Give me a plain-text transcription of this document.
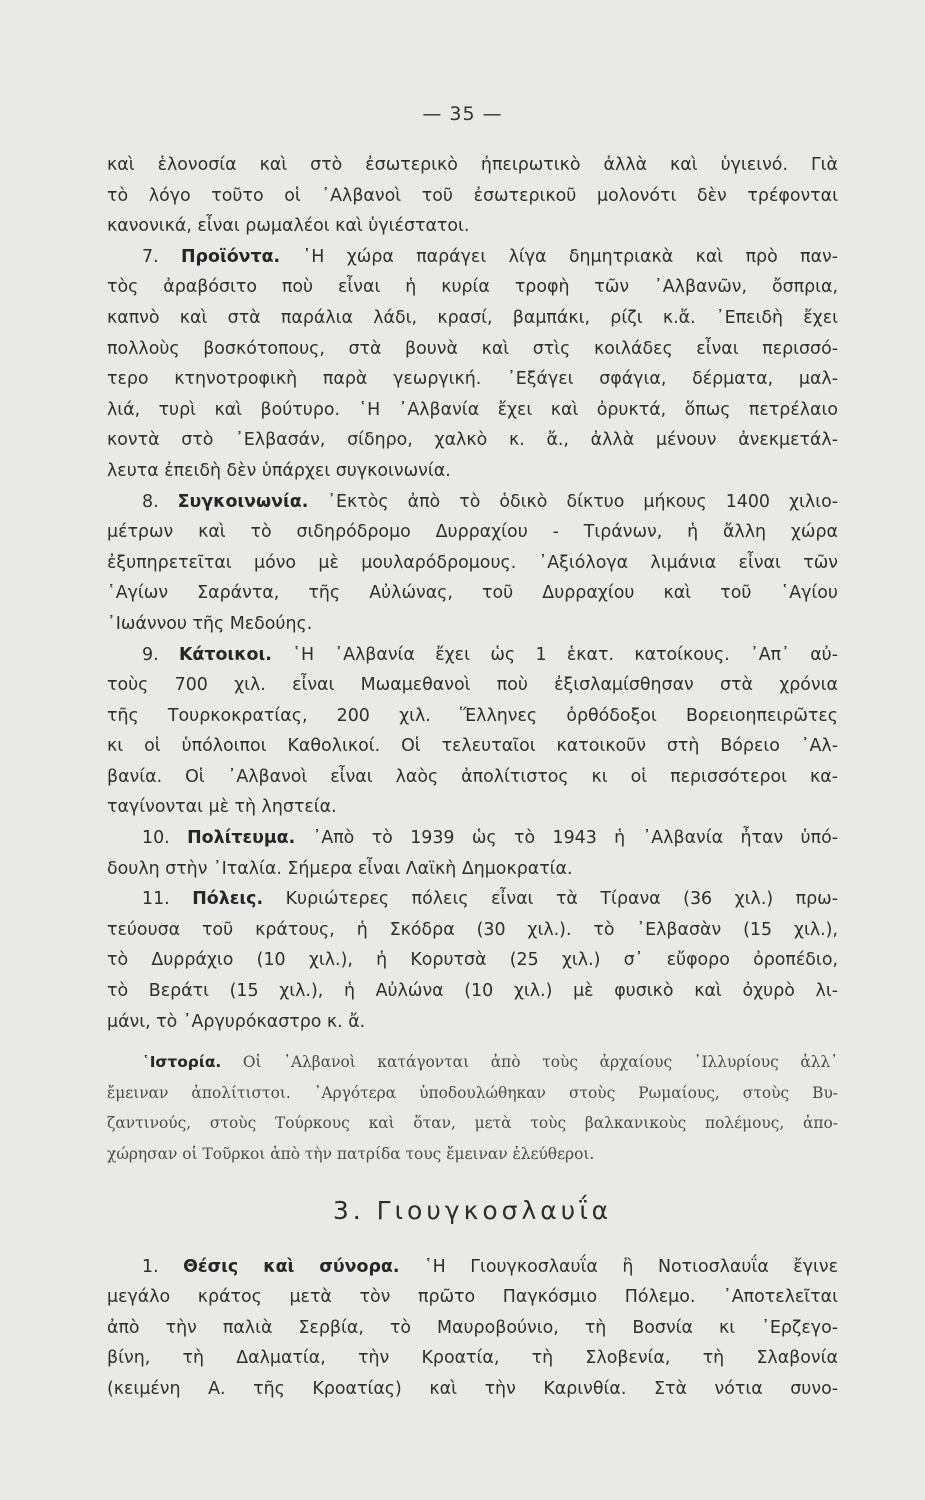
— 35 —
καὶ ἑλονοσία καὶ στὸ ἐσωτερικὸ ἠπειρωτικὸ ἀλλὰ καὶ ὑγιεινό. Γιὰ
τὸ λόγο τοῦτο οἱ ᾿Αλβανοὶ τοῦ ἐσωτερικοῦ μολονότι δὲν τρέφονται
κανονικά, εἶναι ρωμαλέοι καὶ ὑγιέστατοι.
7. Προϊόντα. ῾Η χώρα παράγει λίγα δημητριακὰ καὶ πρὸ παν-
τὸς ἀραβόσιτο ποὺ εἶναι ἡ κυρία τροφὴ τῶν ᾿Αλβανῶν, ὄσπρια,
καπνὸ καὶ στὰ παράλια λάδι, κρασί, βαμπάκι, ρίζι κ.ἄ. ᾿Επειδὴ ἔχει
πολλοὺς βοσκότοπους, στὰ βουνὰ καὶ στὶς κοιλάδες εἶναι περισσό-
τερο κτηνοτροφικὴ παρὰ γεωργική. ᾿Εξάγει σφάγια, δέρματα, μαλ-
λιά, τυρὶ καὶ βούτυρο. ῾Η ᾿Αλβανία ἔχει καὶ ὀρυκτά, ὅπως πετρέλαιο
κοντὰ στὸ ᾿Ελβασάν, σίδηρο, χαλκὸ κ. ἄ., ἀλλὰ μένουν ἀνεκμετάλ-
λευτα ἐπειδὴ δὲν ὑπάρχει συγκοινωνία.
8. Συγκοινωνία. ᾿Εκτὸς ἀπὸ τὸ ὁδικὸ δίκτυο μήκους 1400 χιλιο-
μέτρων καὶ τὸ σιδηρόδρομο Δυρραχίου - Τιράνων, ἡ ἄλλη χώρα
ἐξυπηρετεῖται μόνο μὲ μουλαρόδρομους. ᾿Αξιόλογα λιμάνια εἶναι τῶν
῾Αγίων Σαράντα, τῆς Αὐλώνας, τοῦ Δυρραχίου καὶ τοῦ ῾Αγίου
᾿Ιωάννου τῆς Μεδούης.
9. Κάτοικοι. ῾Η ᾿Αλβανία ἔχει ὡς 1 ἑκατ. κατοίκους. ᾿Απ᾿ αὐ-
τοὺς 700 χιλ. εἶναι Μωαμεθανοὶ ποὺ ἐξισλαμίσθησαν στὰ χρόνια
τῆς Τουρκοκρατίας, 200 χιλ. Ἕλληνες ὀρθόδοξοι Βορειοηπειρῶτες
κι οἱ ὑπόλοιποι Καθολικοί. Οἱ τελευταῖοι κατοικοῦν στὴ Βόρειο ᾿Αλ-
βανία. Οἱ ᾿Αλβανοὶ εἶναι λαὸς ἀπολίτιστος κι οἱ περισσότεροι κα-
ταγίνονται μὲ τὴ ληστεία.
10. Πολίτευμα. ᾿Απὸ τὸ 1939 ὡς τὸ 1943 ἡ ᾿Αλβανία ἦταν ὑπό-
δουλη στὴν ᾿Ιταλία. Σήμερα εἶναι Λαϊκὴ Δημοκρατία.
11. Πόλεις. Κυριώτερες πόλεις εἶναι τὰ Τίρανα (36 χιλ.) πρω-
τεύουσα τοῦ κράτους, ἡ Σκόδρα (30 χιλ.). τὸ ᾿Ελβασὰν (15 χιλ.),
τὸ Δυρράχιο (10 χιλ.), ἡ Κορυτσὰ (25 χιλ.) σ᾿ εὔφορο ὀροπέδιο,
τὸ Βεράτι (15 χιλ.), ἡ Αὐλώνα (10 χιλ.) μὲ φυσικὸ καὶ ὀχυρὸ λι-
μάνι, τὸ ᾿Αργυρόκαστρο κ. ἄ.
῾Ιστορία. Οἱ ᾿Αλβανοὶ κατάγονται ἀπὸ τοὺς ἀρχαίους ᾿Ιλλυρίους ἀλλ᾿
ἔμειναν ἀπολίτιστοι. ᾿Αργότερα ὑποδουλώθηκαν στοὺς Ρωμαίους, στοὺς Βυ-
ζαντινούς, στοὺς Τούρκους καὶ ὅταν, μετὰ τοὺς βαλκανικοὺς πολέμους, ἀπο-
χώρησαν οἱ Τοῦρκοι ἀπὸ τὴν πατρίδα τους ἔμειναν ἐλεύθεροι.
3. Γιουγκοσλαυΐα
1. Θέσις καὶ σύνορα. ῾Η Γιουγκοσλαυΐα ἢ Νοτιοσλαυΐα ἔγινε
μεγάλο κράτος μετὰ τὸν πρῶτο Παγκόσμιο Πόλεμο. ᾿Αποτελεῖται
ἀπὸ τὴν παλιὰ Σερβία, τὸ Μαυροβούνιο, τὴ Βοσνία κι ᾿Ερζεγο-
βίνη, τὴ Δαλματία, τὴν Κροατία, τὴ Σλοβενία, τὴ Σλαβονία
(κειμένη Α. τῆς Κροατίας) καὶ τὴν Καρινθία. Στὰ νότια συνο-
